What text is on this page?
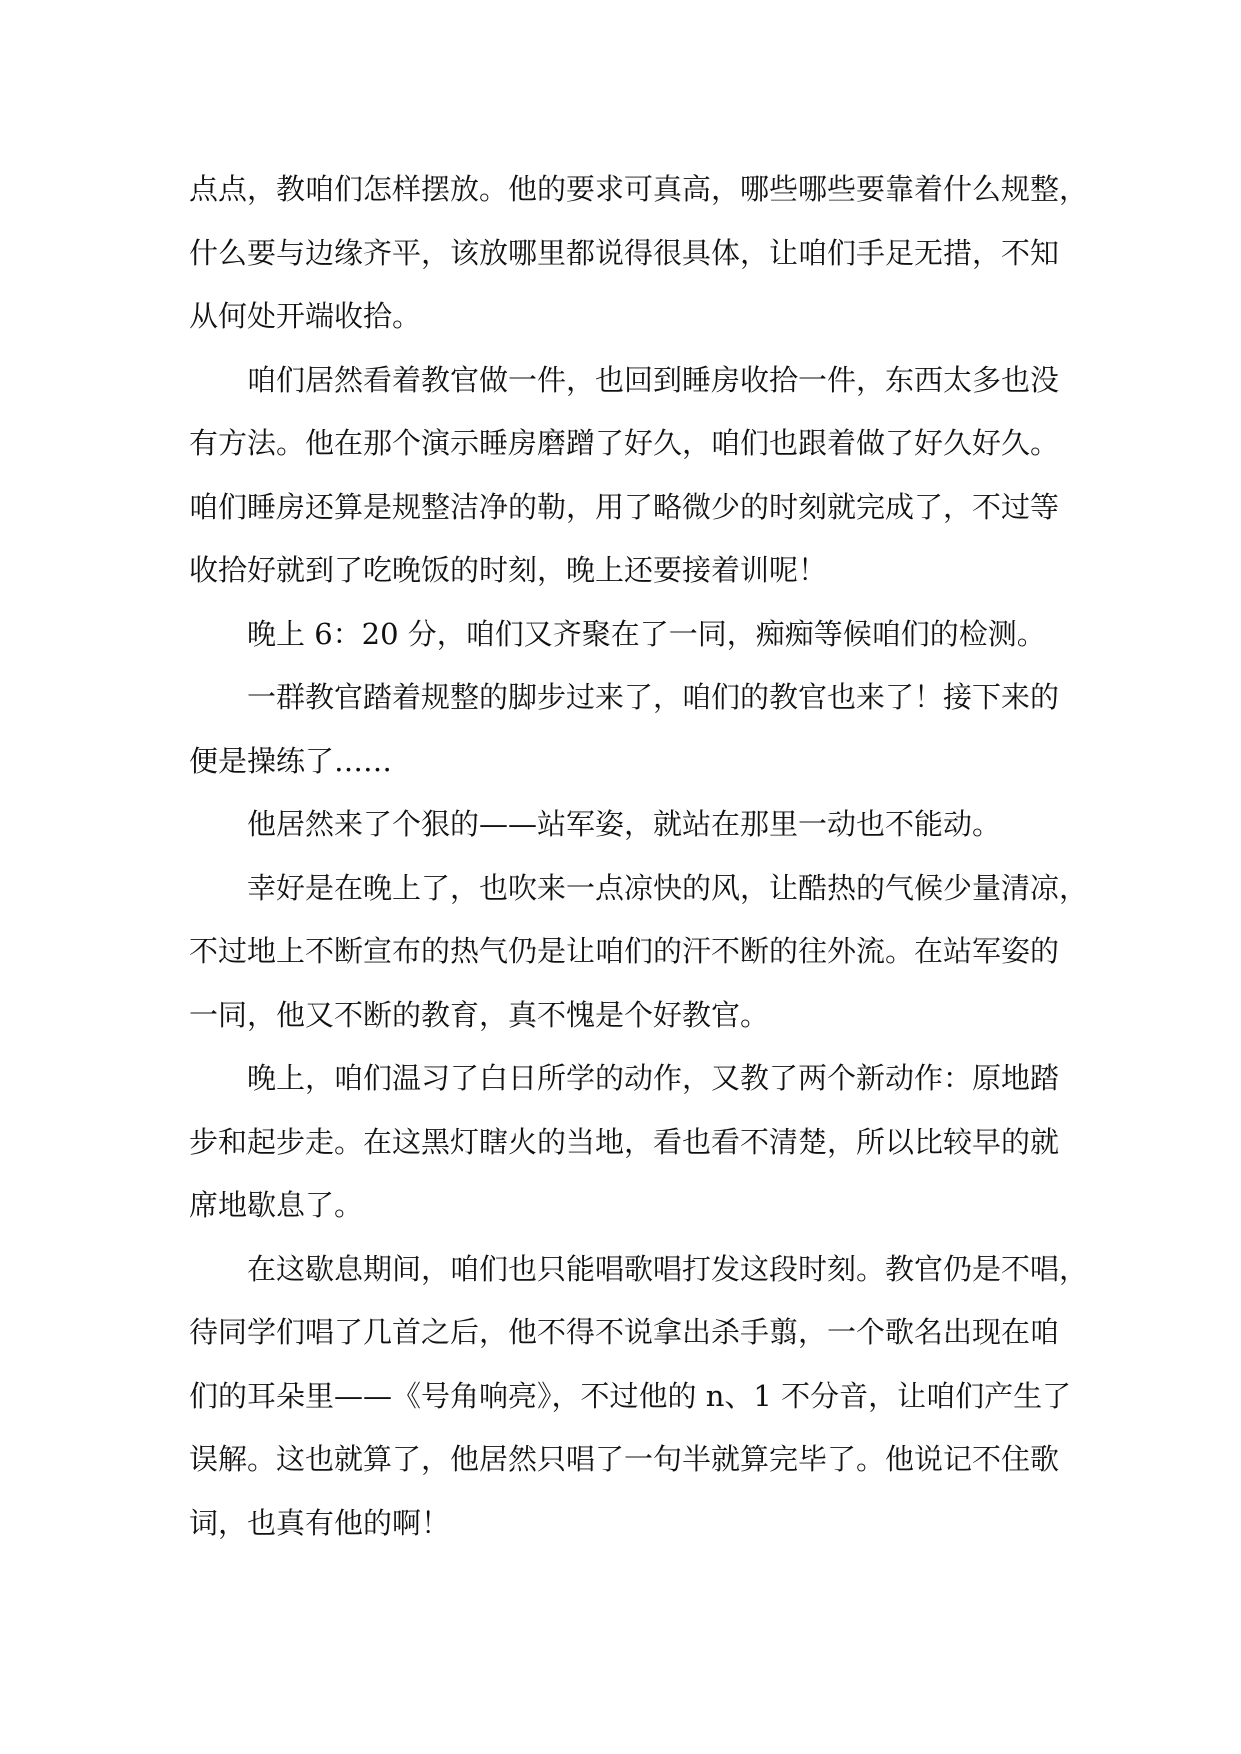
点点，教咱们怎样摆放。他的要求可真高，哪些哪些要靠着什么规整，
什么要与边缘齐平，该放哪里都说得很具体，让咱们手足无措，不知
从何处开端收拾。
咱们居然看着教官做一件，也回到睡房收拾一件，东西太多也没
有方法。他在那个演示睡房磨蹭了好久，咱们也跟着做了好久好久。
咱们睡房还算是规整洁净的勒，用了略微少的时刻就完成了，不过等
收拾好就到了吃晚饭的时刻，晚上还要接着训呢！
晚上 6：20 分，咱们又齐聚在了一同，痴痴等候咱们的检测。
一群教官踏着规整的脚步过来了，咱们的教官也来了！接下来的
便是操练了……
他居然来了个狠的——站军姿，就站在那里一动也不能动。
幸好是在晚上了，也吹来一点凉快的风，让酷热的气候少量清凉，
不过地上不断宣布的热气仍是让咱们的汗不断的往外流。在站军姿的
一同，他又不断的教育，真不愧是个好教官。
晚上，咱们温习了白日所学的动作，又教了两个新动作：原地踏
步和起步走。在这黑灯瞎火的当地，看也看不清楚，所以比较早的就
席地歇息了。
在这歇息期间，咱们也只能唱歌唱打发这段时刻。教官仍是不唱，
待同学们唱了几首之后，他不得不说拿出杀手翦，一个歌名出现在咱
们的耳朵里——《号角响亮》，不过他的 n、1 不分音，让咱们产生了
误解。这也就算了，他居然只唱了一句半就算完毕了。他说记不住歌
词，也真有他的啊！
